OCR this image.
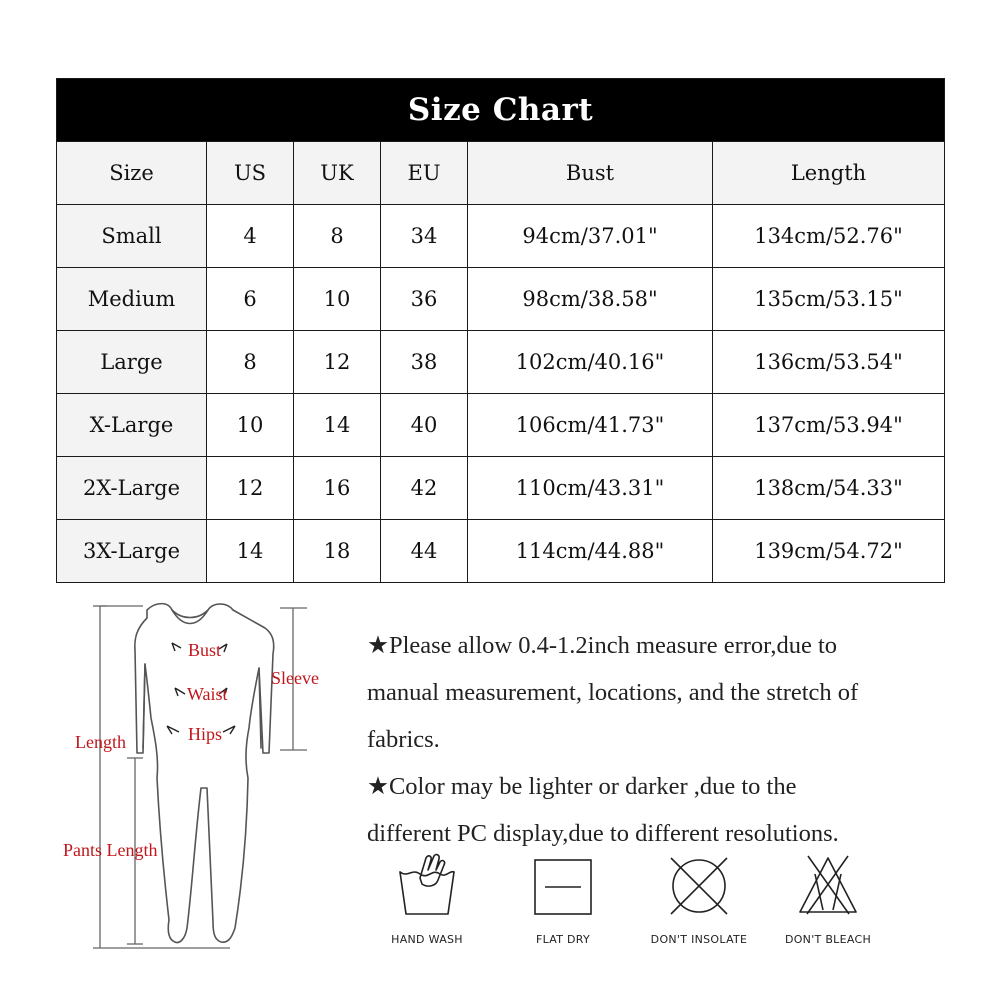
Size Chart					
Size	US	UK	EU	Bust	Length
Small	4	8	34	94cm/37.01"	134cm/52.76"
Medium	6	10	36	98cm/38.58"	135cm/53.15"
Large	8	12	38	102cm/40.16"	136cm/53.54"
X-Large	10	14	40	106cm/41.73"	137cm/53.94"
2X-Large	12	16	42	110cm/43.31"	138cm/54.33"
3X-Large	14	18	44	114cm/44.88"	139cm/54.72"
Bust
Waist
Hips
Sleeve
Length
Pants Length

★Please allow 0.4-1.2inch measure error,due to

manual measurement, locations, and the stretch of

fabrics.

★Color may be lighter or darker ,due to the

different PC display,due to different resolutions.

HAND WASH	FLAT DRY	DON'T INSOLATE	DON'T BLEACH
